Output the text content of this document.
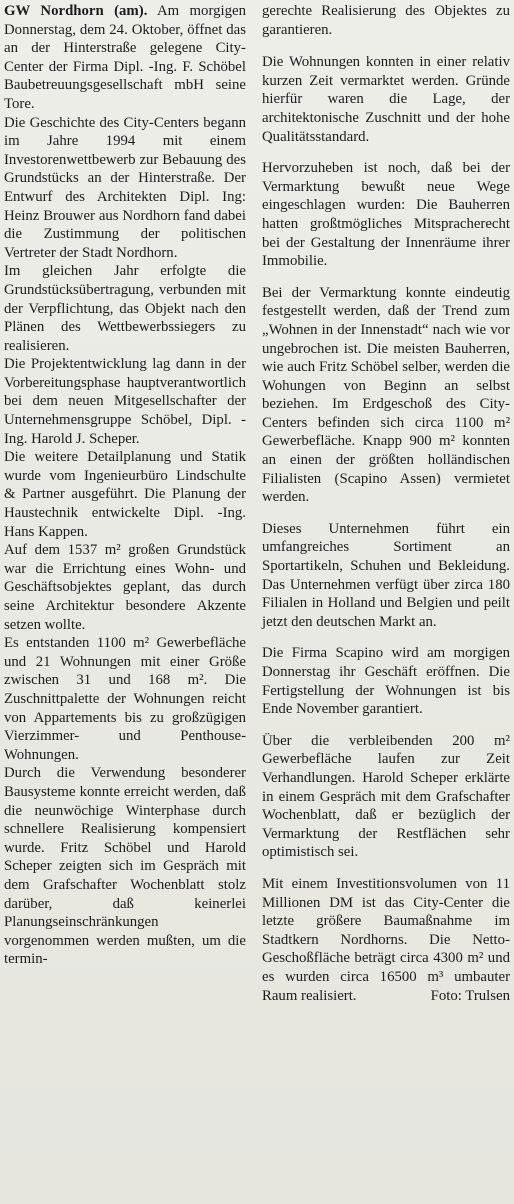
GW Nordhorn (am). Am morgigen Donnerstag, dem 24. Oktober, öffnet das an der Hinterstraße gelegene City-Center der Firma Dipl. -Ing. F. Schöbel Baubetreuungsgesellschaft mbH seine Tore.

Die Geschichte des City-Centers begann im Jahre 1994 mit einem Investorenwettbewerb zur Bebauung des Grundstücks an der Hinterstraße. Der Entwurf des Architekten Dipl. Ing: Heinz Brouwer aus Nordhorn fand dabei die Zustimmung der politischen Vertreter der Stadt Nordhorn.

Im gleichen Jahr erfolgte die Grundstücksübertragung, verbunden mit der Verpflichtung, das Objekt nach den Plänen des Wettbewerbssiegers zu realisieren.

Die Projektentwicklung lag dann in der Vorbereitungsphase hauptverantwortlich bei dem neuen Mitgesellschafter der Unternehmensgruppe Schöbel, Dipl. -Ing. Harold J. Scheper.

Die weitere Detailplanung und Statik wurde vom Ingenieurbüro Lindschulte & Partner ausgeführt. Die Planung der Haustechnik entwickelte Dipl. -Ing. Hans Kappen.

Auf dem 1537 m² großen Grundstück war die Errichtung eines Wohn- und Geschäftsobjektes geplant, das durch seine Architektur besondere Akzente setzen wollte.

Es entstanden 1100 m² Gewerbefläche und 21 Wohnungen mit einer Größe zwischen 31 und 168 m². Die Zuschnittpalette der Wohnungen reicht von Appartements bis zu großzügigen Vierzimmer- und Penthouse-Wohnungen.

Durch die Verwendung besonderer Bausysteme konnte erreicht werden, daß die neunwöchige Winterphase durch schnellere Realisierung kompensiert wurde. Fritz Schöbel und Harold Scheper zeigten sich im Gespräch mit dem Grafschafter Wochenblatt stolz darüber, daß keinerlei Planungseinschränkungen vorgenommen werden mußten, um die termin-

gerechte Realisierung des Objektes zu garantieren.

Die Wohnungen konnten in einer relativ kurzen Zeit vermarktet werden. Gründe hierfür waren die Lage, der architektonische Zuschnitt und der hohe Qualitätsstandard.

Hervorzuheben ist noch, daß bei der Vermarktung bewußt neue Wege eingeschlagen wurden: Die Bauherren hatten großtmögliches Mitspracherecht bei der Gestaltung der Innenräume ihrer Immobilie.

Bei der Vermarktung konnte eindeutig festgestellt werden, daß der Trend zum „Wohnen in der Innenstadt“ nach wie vor ungebrochen ist. Die meisten Bauherren, wie auch Fritz Schöbel selber, werden die Wohungen von Beginn an selbst beziehen. Im Erdgeschoß des City-Centers befinden sich circa 1100 m² Gewerbefläche. Knapp 900 m² konnten an einen der größten holländischen Filialisten (Scapino Assen) vermietet werden.

Dieses Unternehmen führt ein umfangreiches Sortiment an Sportartikeln, Schuhen und Bekleidung. Das Unternehmen verfügt über zirca 180 Filialen in Holland und Belgien und peilt jetzt den deutschen Markt an.

Die Firma Scapino wird am morgigen Donnerstag ihr Geschäft eröffnen. Die Fertigstellung der Wohnungen ist bis Ende November garantiert.

Über die verbleibenden 200 m² Gewerbefläche laufen zur Zeit Verhandlungen. Harold Scheper erklärte in einem Gespräch mit dem Grafschafter Wochenblatt, daß er bezüglich der Vermarktung der Restflächen sehr optimistisch sei.

Mit einem Investitionsvolumen von 11 Millionen DM ist das City-Center die letzte größere Baumaßnahme im Stadtkern Nordhorns. Die Netto-Geschoßfläche beträgt circa 4300 m² und es wurden circa 16500 m³ umbauter Raum realisiert.	Foto: Trulsen
